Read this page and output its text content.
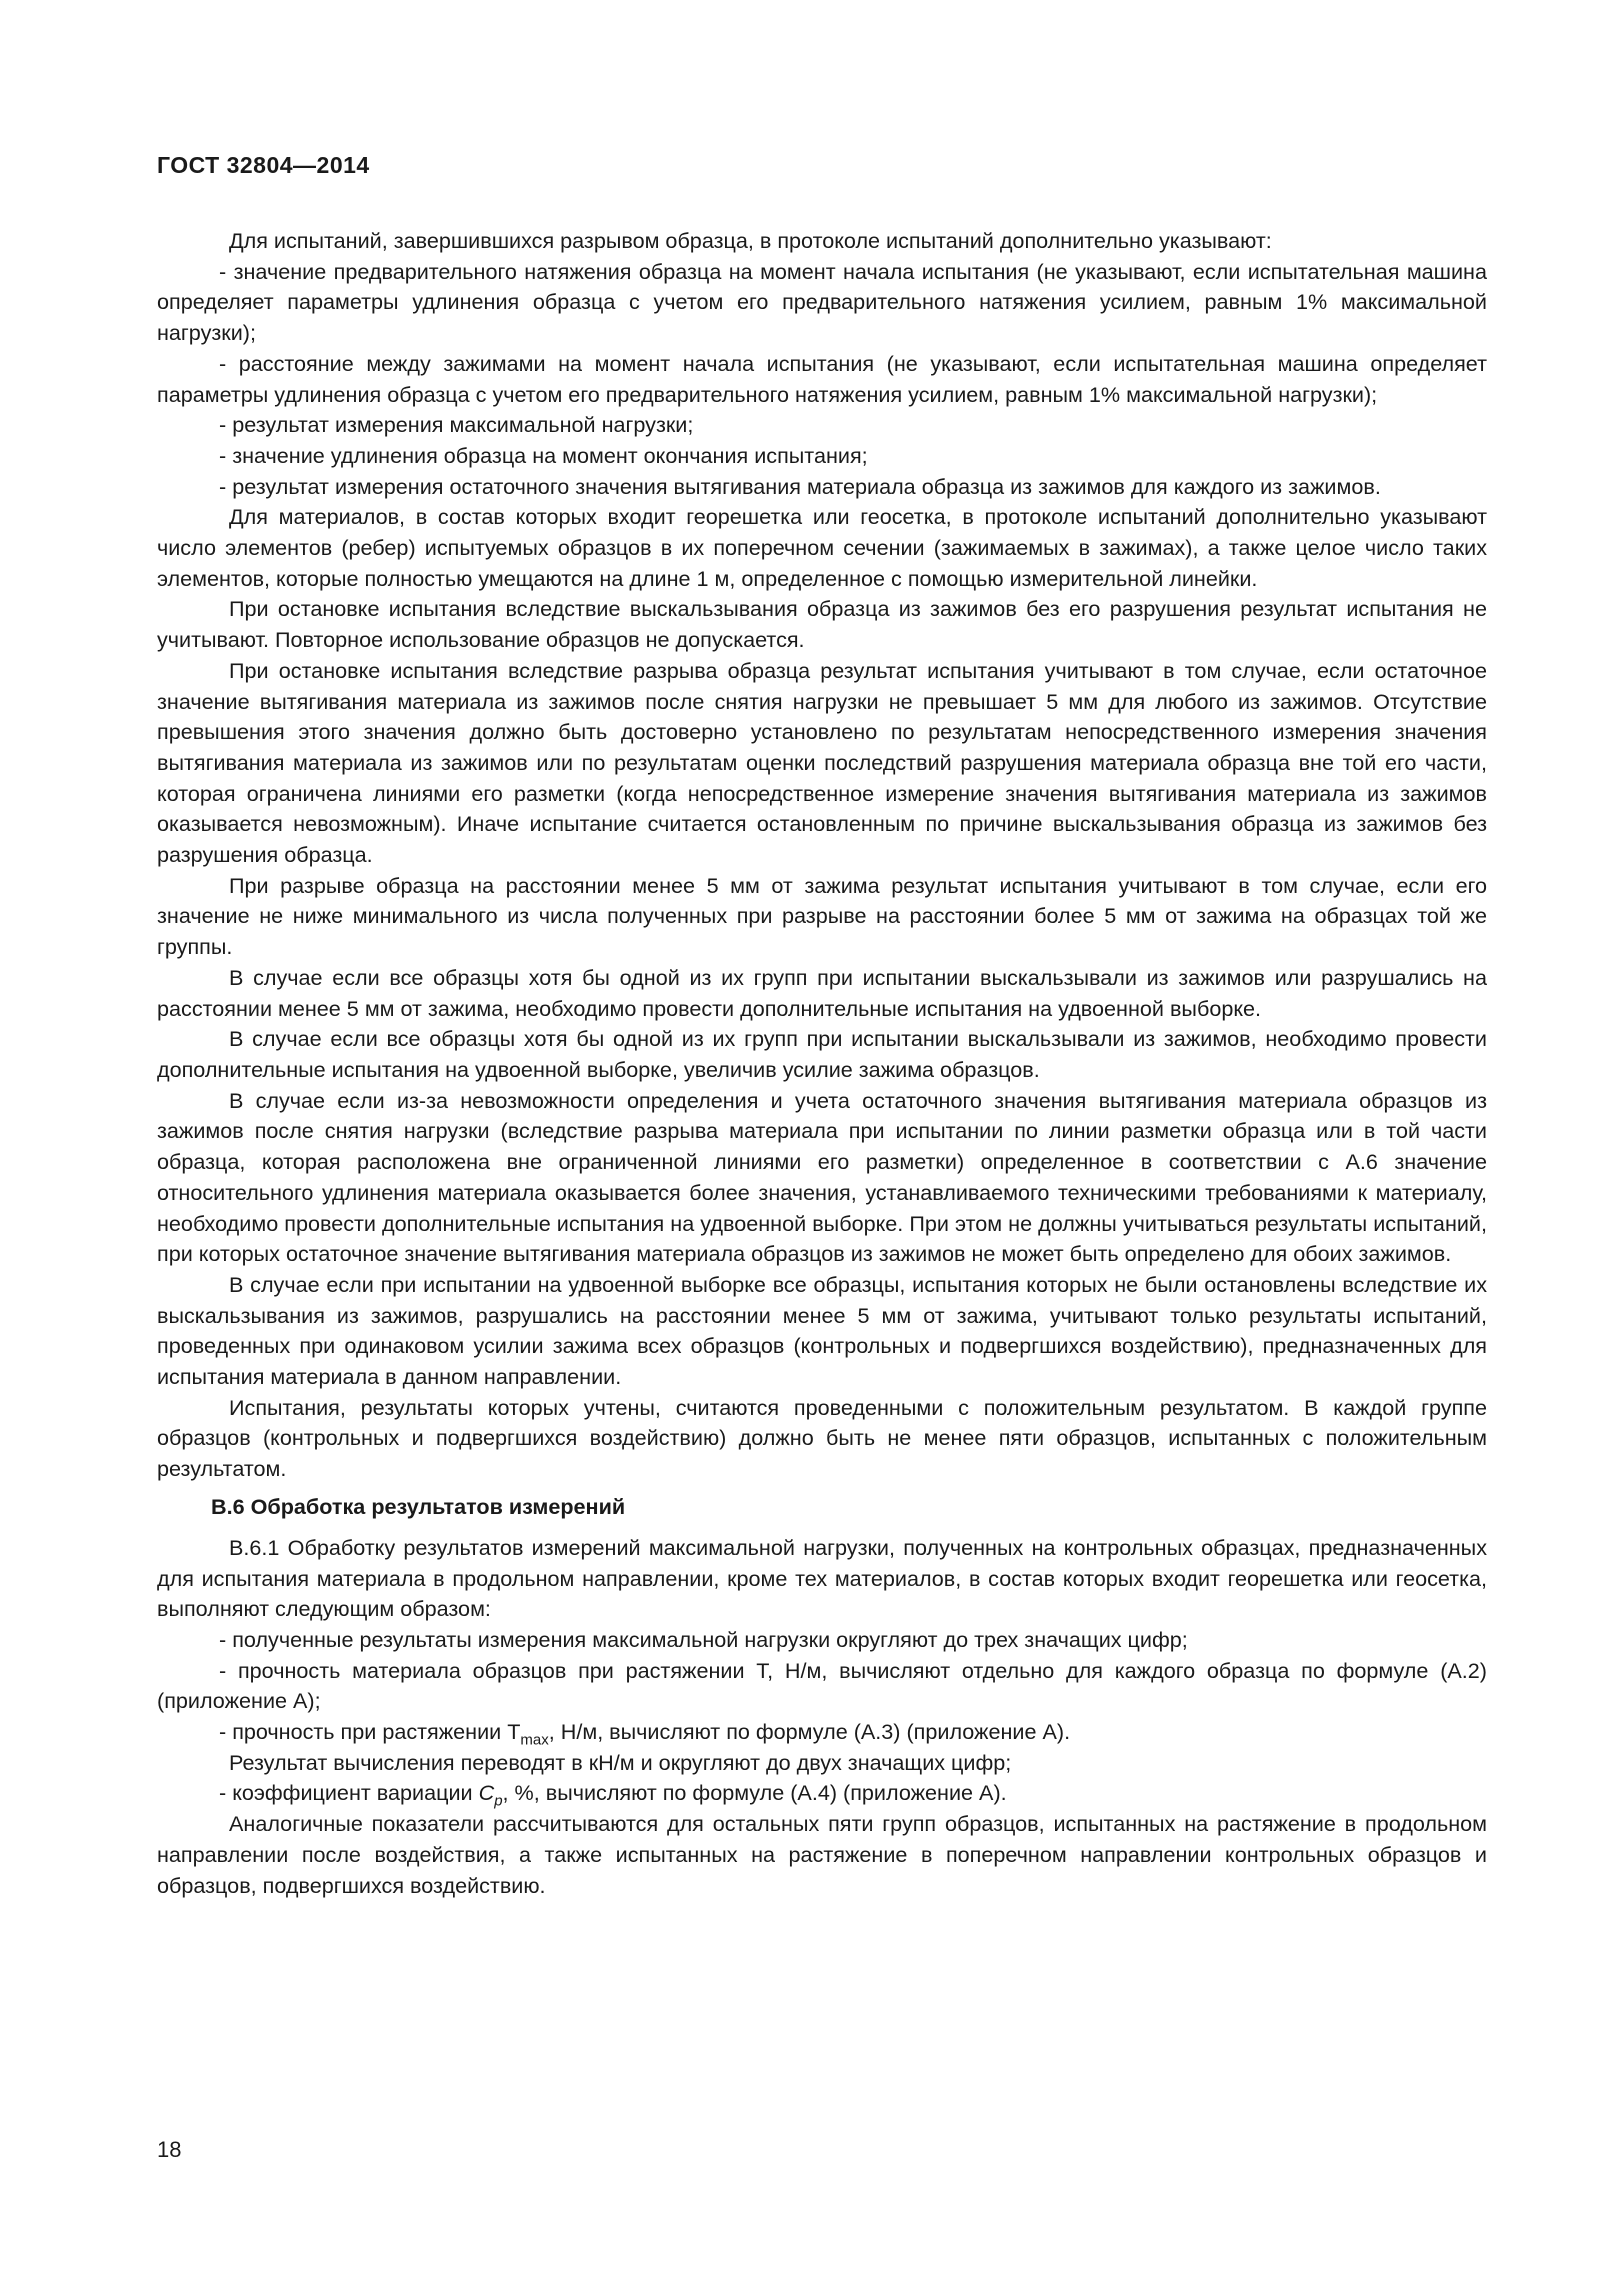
ГОСТ 32804—2014

Для испытаний, завершившихся разрывом образца, в протоколе испытаний дополнительно указывают:

- значение предварительного натяжения образца на момент начала испытания (не указывают, если испытательная машина определяет параметры удлинения образца с учетом его предварительного натяжения усилием, равным 1% максимальной нагрузки);

- расстояние между зажимами на момент начала испытания (не указывают, если испытательная машина определяет параметры удлинения образца с учетом его предварительного натяжения усилием, равным 1% максимальной нагрузки);

- результат измерения максимальной нагрузки;

- значение удлинения образца на момент окончания испытания;

- результат измерения остаточного значения вытягивания материала образца из зажимов для каждого из зажимов.

Для материалов, в состав которых входит георешетка или геосетка, в протоколе испытаний дополнительно указывают число элементов (ребер) испытуемых образцов в их поперечном сечении (зажимаемых в зажимах), а также целое число таких элементов, которые полностью умещаются на длине 1 м, определенное с помощью измерительной линейки.

При остановке испытания вследствие выскальзывания образца из зажимов без его разрушения результат испытания не учитывают. Повторное использование образцов не допускается.

При остановке испытания вследствие разрыва образца результат испытания учитывают в том случае, если остаточное значение вытягивания материала из зажимов после снятия нагрузки не превышает 5 мм для любого из зажимов. Отсутствие превышения этого значения должно быть достоверно установлено по результатам непосредственного измерения значения вытягивания материала из зажимов или по результатам оценки последствий разрушения материала образца вне той его части, которая ограничена линиями его разметки (когда непосредственное измерение значения вытягивания материала из зажимов оказывается невозможным). Иначе испытание считается остановленным по причине выскальзывания образца из зажимов без разрушения образца.

При разрыве образца на расстоянии менее 5 мм от зажима результат испытания учитывают в том случае, если его значение не ниже минимального из числа полученных при разрыве на расстоянии более 5 мм от зажима на образцах той же группы.

В случае если все образцы хотя бы одной из их групп при испытании выскальзывали из зажимов или разрушались на расстоянии менее 5 мм от зажима, необходимо провести дополнительные испытания на удвоенной выборке.

В случае если все образцы хотя бы одной из их групп при испытании выскальзывали из зажимов, необходимо провести дополнительные испытания на удвоенной выборке, увеличив усилие зажима образцов.

В случае если из-за невозможности определения и учета остаточного значения вытягивания материала образцов из зажимов после снятия нагрузки (вследствие разрыва материала при испытании по линии разметки образца или в той части образца, которая расположена вне ограниченной линиями его разметки) определенное в соответствии с А.6 значение относительного удлинения материала оказывается более значения, устанавливаемого техническими требованиями к материалу, необходимо провести дополнительные испытания на удвоенной выборке. При этом не должны учитываться результаты испытаний, при которых остаточное значение вытягивания материала образцов из зажимов не может быть определено для обоих зажимов.

В случае если при испытании на удвоенной выборке все образцы, испытания которых не были остановлены вследствие их выскальзывания из зажимов, разрушались на расстоянии менее 5 мм от зажима, учитывают только результаты испытаний, проведенных при одинаковом усилии зажима всех образцов (контрольных и подвергшихся воздействию), предназначенных для испытания материала в данном направлении.

Испытания, результаты которых учтены, считаются проведенными с положительным результатом. В каждой группе образцов (контрольных и подвергшихся воздействию) должно быть не менее пяти образцов, испытанных с положительным результатом.

В.6 Обработка результатов измерений

В.6.1 Обработку результатов измерений максимальной нагрузки, полученных на контрольных образцах, предназначенных для испытания материала в продольном направлении, кроме тех материалов, в состав которых входит георешетка или геосетка, выполняют следующим образом:

- полученные результаты измерения максимальной нагрузки округляют до трех значащих цифр;

- прочность материала образцов при растяжении Т, Н/м, вычисляют отдельно для каждого образца по формуле (А.2) (приложение А);

- прочность при растяжении $T_{max}$, Н/м, вычисляют по формуле (А.3) (приложение А).

Результат вычисления переводят в кН/м и округляют до двух значащих цифр;

- коэффициент вариации $C_p$, %, вычисляют по формуле (А.4) (приложение А).

Аналогичные показатели рассчитываются для остальных пяти групп образцов, испытанных на растяжение в продольном направлении после воздействия, а также испытанных на растяжение в поперечном направлении контрольных образцов и образцов, подвергшихся воздействию.

18
